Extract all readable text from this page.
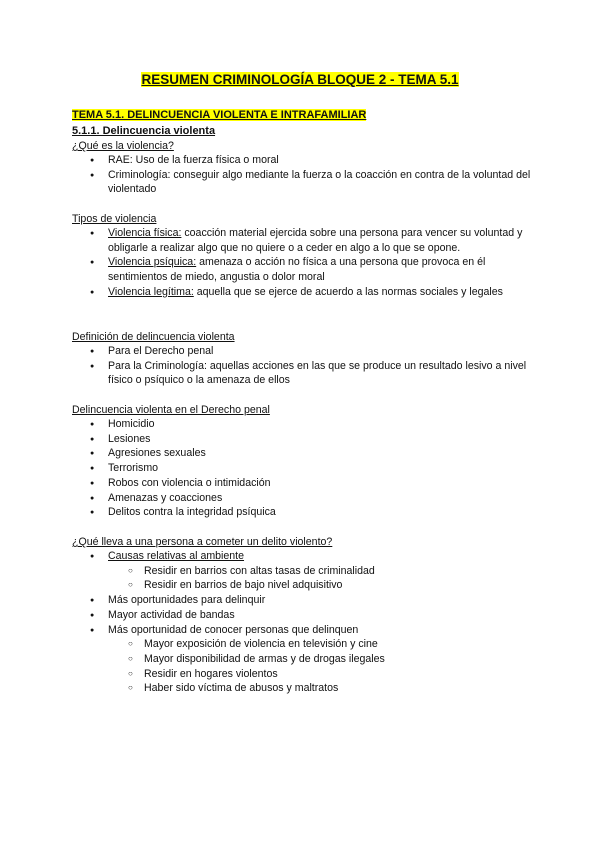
RESUMEN CRIMINOLOGÍA BLOQUE 2 - TEMA 5.1
TEMA 5.1. DELINCUENCIA VIOLENTA E INTRAFAMILIAR
5.1.1. Delincuencia violenta
¿Qué es la violencia?
●
RAE: Uso de la fuerza física o moral
●
Criminología: conseguir algo mediante la fuerza o la coacción en contra de la voluntad del violentado
Tipos de violencia
●
Violencia física: coacción material ejercida sobre una persona para vencer su voluntad y obligarle a realizar algo que no quiere o a ceder en algo a lo que se opone.
●
Violencia psíquica: amenaza o acción no física a una persona que provoca en él sentimientos de miedo, angustia o dolor moral
●
Violencia legítima: aquella que se ejerce de acuerdo a las normas sociales y legales
Definición de delincuencia violenta
●
Para el Derecho penal
●
Para la Criminología: aquellas acciones en las que se produce un resultado lesivo a nivel físico o psíquico o la amenaza de ellos
Delincuencia violenta en el Derecho penal
●
Homicidio
●
Lesiones
●
Agresiones sexuales
●
Terrorismo
●
Robos con violencia o intimidación
●
Amenazas y coacciones
●
Delitos contra la integridad psíquica
¿Qué lleva a una persona a cometer un delito violento?
●
Causas relativas al ambiente
○
Residir en barrios con altas tasas de criminalidad
○
Residir en barrios de bajo nivel adquisitivo
●
Más oportunidades para delinquir
●
Mayor actividad de bandas
●
Más oportunidad de conocer personas que delinquen
○
Mayor exposición de violencia en televisión y cine
○
Mayor disponibilidad de armas y de drogas ilegales
○
Residir en hogares violentos
○
Haber sido víctima de abusos y maltratos
